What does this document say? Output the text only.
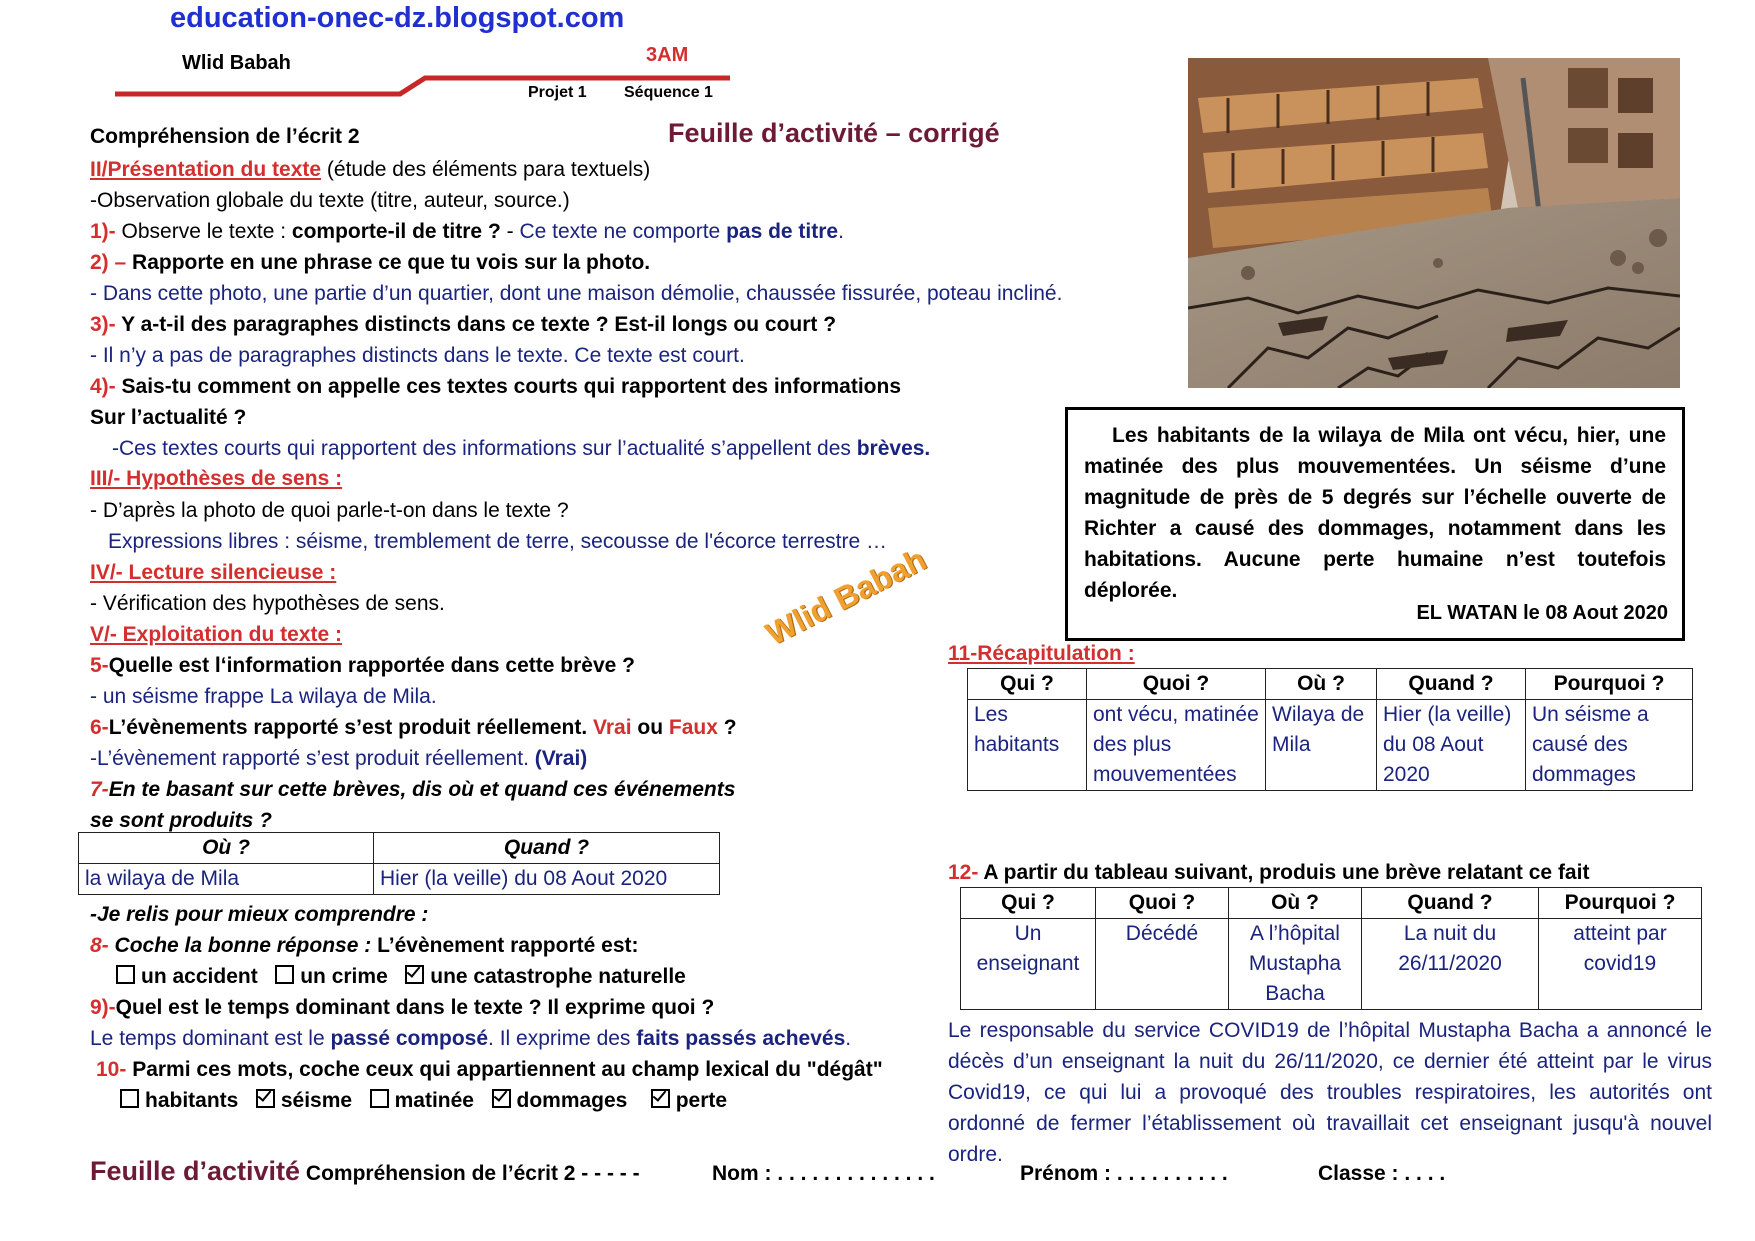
education-onec-dz.blogspot.com
Wlid Babah	3AM
Projet 1 Séquence 1
Compréhension de l’écrit 2	Feuille d’activité – corrigé
II/Présentation du texte (étude des éléments para textuels)
-Observation globale du texte (titre, auteur, source.)
1)- Observe le texte : comporte-il de titre ? - Ce texte ne comporte pas de titre.
2) – Rapporte en une phrase ce que tu vois sur la photo.
- Dans cette photo, une partie d’un quartier, dont une maison démolie, chaussée fissurée, poteau incliné.
3)- Y a-t-il des paragraphes distincts dans ce texte ? Est-il longs ou court ?
- Il n’y a pas de paragraphes distincts dans le texte. Ce texte est court.
4)- Sais-tu comment on appelle ces textes courts qui rapportent des informations
Sur l’actualité ?
-Ces textes courts qui rapportent des informations sur l’actualité s’appellent des brèves.
III/- Hypothèses de sens :
- D’après la photo de quoi parle-t-on dans le texte ?
Expressions libres : séisme, tremblement de terre, secousse de l'écorce terrestre …
IV/- Lecture silencieuse :
- Vérification des hypothèses de sens.
V/- Exploitation du texte :
5-Quelle est l‘information rapportée dans cette brève ?
- un séisme frappe La wilaya de Mila.
6-L’évènements rapporté s’est produit réellement. Vrai ou Faux ?
-L’évènement rapporté s’est produit réellement. (Vrai)
7-En te basant sur cette brèves, dis où et quand ces événements
se sont produits ?
Où ?	Quand ?
la wilaya de Mila	Hier (la veille) du 08 Aout 2020
-Je relis pour mieux comprendre :
8- Coche la bonne réponse : L’évènement rapporté est:
un accident un crime une catastrophe naturelle
9)-Quel est le temps dominant dans le texte ? Il exprime quoi ?
Le temps dominant est le passé composé. Il exprime des faits passés achevés.
10- Parmi ces mots, coche ceux qui appartiennent au champ lexical du "dégât"
habitants séisme matinée dommages perte
Wlid Babah
Les habitants de la wilaya de Mila ont vécu, hier, une matinée des plus mouvementées. Un séisme d’une magnitude de près de 5 degrés sur l’échelle ouverte de Richter a causé des dommages, notamment dans les habitations. Aucune perte humaine n’est toutefois déplorée.
EL WATAN le 08 Aout 2020
11-Récapitulation :
Qui ?	Quoi ?	Où ?	Quand ?	Pourquoi ?
Les habitants	ont vécu, matinée des plus mouvementées	Wilaya de Mila	Hier (la veille) du 08 Aout 2020	Un séisme a causé des dommages
12- A partir du tableau suivant, produis une brève relatant ce fait
Qui ?	Quoi ?	Où ?	Quand ?	Pourquoi ?
Un enseignant	Décédé	A l’hôpital Mustapha Bacha	La nuit du 26/11/2020	atteint par covid19
Le responsable du service COVID19 de l’hôpital Mustapha Bacha a annoncé le décès d’un enseignant la nuit du 26/11/2020, ce dernier été atteint par le virus Covid19, ce qui lui a provoqué des troubles respiratoires, les autorités ont ordonné de fermer l’établissement où travaillait cet enseignant jusqu'à nouvel ordre.
Feuille d’activité Compréhension de l’écrit 2 - - - - -	Nom : . . . . . . . . . . . . . .	Prénom : . . . . . . . . . .	Classe : . . . .
